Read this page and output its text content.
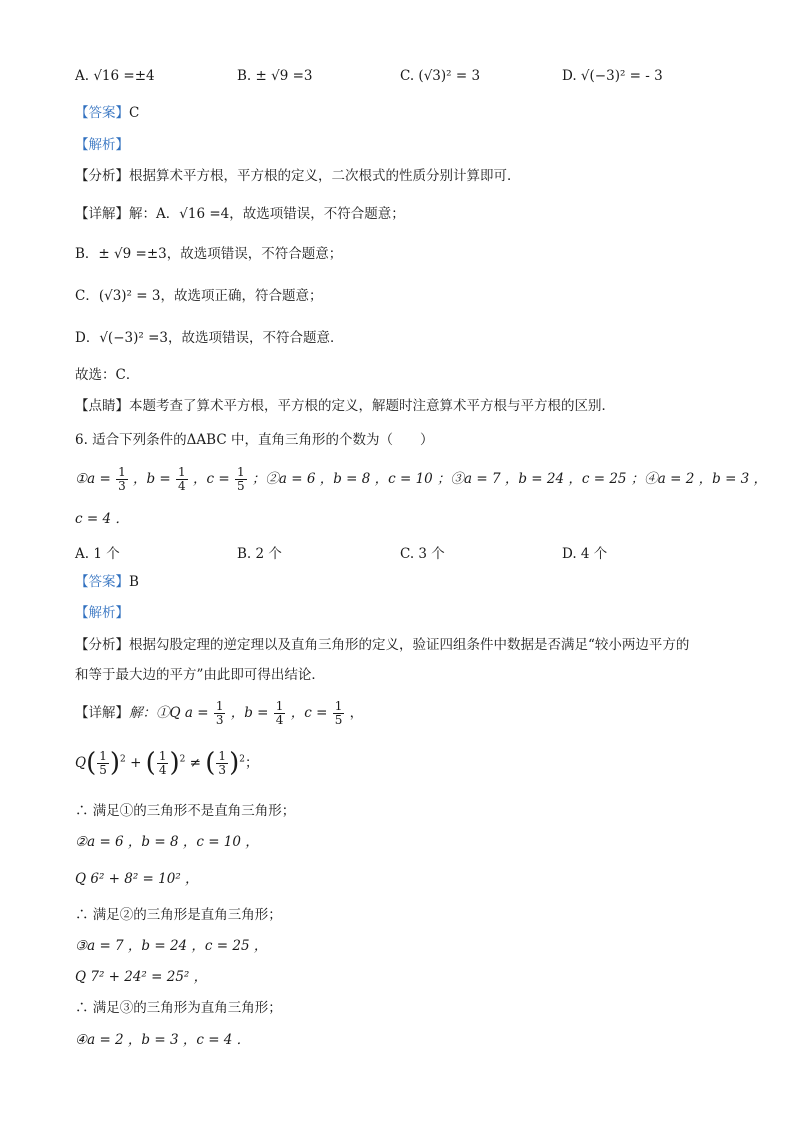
A. √16 =±4	B. ± √9 =3	C. (√3)² = 3	D. √(−3)² = - 3
【答案】C
【解析】
【分析】根据算术平方根，平方根的定义，二次根式的性质分别计算即可．
【详解】解：A．√16 =4，故选项错误，不符合题意；
B．± √9 =±3，故选项错误，不符合题意；
C．(√3)² = 3，故选项正确，符合题意；
D．√(−3)² =3，故选项错误，不符合题意．
故选：C．
【点睛】本题考查了算术平方根，平方根的定义，解题时注意算术平方根与平方根的区别．
6. 适合下列条件的ΔABC 中，直角三角形的个数为（　　）
①a = $\frac{1}{3}$ ，$b = \frac{1}{4}$ ，$c = \frac{1}{5}$ ；②a = 6 ，b = 8 ，c = 10 ；③a = 7 ，b = 24 ，c = 25 ；④a = 2 ，b = 3 ，
c = 4 ．
A. 1 个	B. 2 个	C. 3 个	D. 4 个
【答案】B
【解析】
【分析】根据勾股定理的逆定理以及直角三角形的定义，验证四组条件中数据是否满足“较小两边平方的
和等于最大边的平方”由此即可得出结论．
【详解】解：①Q $a = \frac{1}{3}$ ，$b = \frac{1}{4}$ ，$c = \frac{1}{5}$ ，
$Q( \frac{1}{5} )^2$ + ( $\frac{1}{4} )^2$ ≠ ( $\frac{1}{3} )^2$；
∴ 满足①的三角形不是直角三角形；
②a = 6 ，b = 8 ，c = 10 ，
Q 6² + 8² = 10² ，
∴ 满足②的三角形是直角三角形；
③a = 7 ，b = 24 ，c = 25 ，
Q 7² + 24² = 25² ，
∴ 满足③的三角形为直角三角形；
④a = 2 ，b = 3 ，c = 4 ．
